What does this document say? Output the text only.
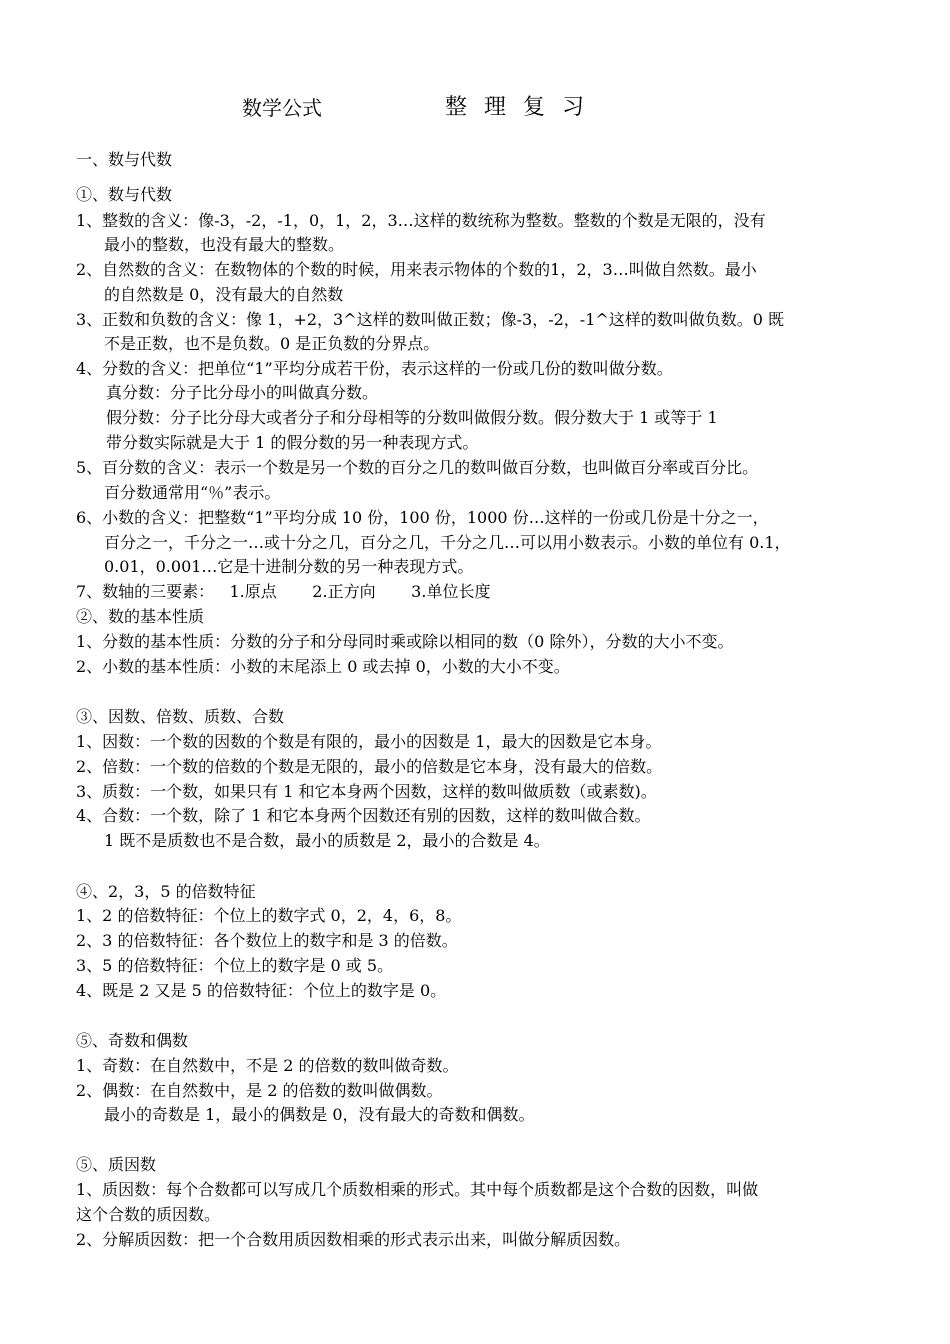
数学公式	整理复习
一、数与代数
①、数与代数
1、整数的含义：像-3，-2，-1，0，1，2，3…这样的数统称为整数。整数的个数是无限的，没有
最小的整数，也没有最大的整数。
2、自然数的含义：在数物体的个数的时候，用来表示物体的个数的1，2，3…叫做自然数。最小
的自然数是 0，没有最大的自然数
3、正数和负数的含义：像 1，+2，3^这样的数叫做正数；像-3，-2，-1^这样的数叫做负数。0 既
不是正数，也不是负数。0 是正负数的分界点。
4、分数的含义：把单位“1”平均分成若干份，表示这样的一份或几份的数叫做分数。
真分数：分子比分母小的叫做真分数。
假分数：分子比分母大或者分子和分母相等的分数叫做假分数。假分数大于 1 或等于 1
带分数实际就是大于 1 的假分数的另一种表现方式。
5、百分数的含义：表示一个数是另一个数的百分之几的数叫做百分数，也叫做百分率或百分比。
百分数通常用“％”表示。
6、小数的含义：把整数“1”平均分成 10 份，100 份，1000 份…这样的一份或几份是十分之一，
百分之一，千分之一…或十分之几，百分之几，千分之几…可以用小数表示。小数的单位有 0.1，
0.01，0.001…它是十进制分数的另一种表现方式。
7、数轴的三要素：   1.原点       2.正方向       3.单位长度
②、数的基本性质
1、分数的基本性质：分数的分子和分母同时乘或除以相同的数（0 除外），分数的大小不变。
2、小数的基本性质：小数的末尾添上 0 或去掉 0，小数的大小不变。
③、因数、倍数、质数、合数
1、因数：一个数的因数的个数是有限的，最小的因数是 1，最大的因数是它本身。
2、倍数：一个数的倍数的个数是无限的，最小的倍数是它本身，没有最大的倍数。
3、质数：一个数，如果只有 1 和它本身两个因数，这样的数叫做质数（或素数)。
4、合数：一个数，除了 1 和它本身两个因数还有别的因数，这样的数叫做合数。
1 既不是质数也不是合数，最小的质数是 2，最小的合数是 4。
④、2，3，5 的倍数特征
1、2 的倍数特征：个位上的数字式 0，2，4，6，8。
2、3 的倍数特征：各个数位上的数字和是 3 的倍数。
3、5 的倍数特征：个位上的数字是 0 或 5。
4、既是 2 又是 5 的倍数特征：个位上的数字是 0。
⑤、奇数和偶数
1、奇数：在自然数中，不是 2 的倍数的数叫做奇数。
2、偶数：在自然数中，是 2 的倍数的数叫做偶数。
最小的奇数是 1，最小的偶数是 0，没有最大的奇数和偶数。
⑤、质因数
1、质因数：每个合数都可以写成几个质数相乘的形式。其中每个质数都是这个合数的因数，叫做
这个合数的质因数。
2、分解质因数：把一个合数用质因数相乘的形式表示出来，叫做分解质因数。
